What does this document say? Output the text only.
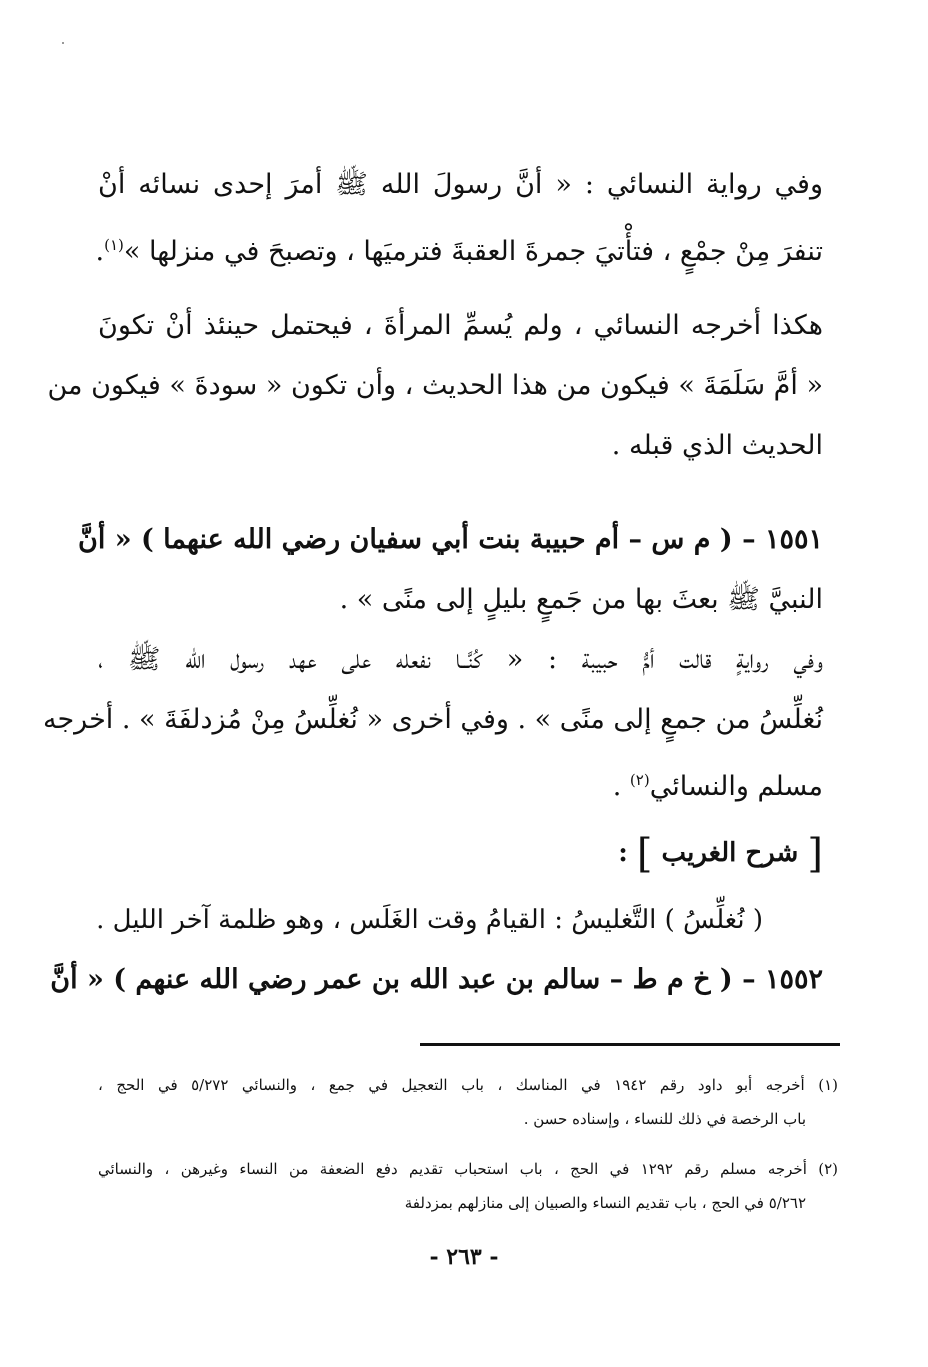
وفي رواية النسائي : « أنَّ رسولَ الله ﷺ أمرَ إحدى نسائه أنْ
تنفرَ مِنْ جمْعٍ ، فتأْتيَ جمرةَ العقبةَ فترميَها ، وتصبحَ في منزلها »$^{(١)}$.
هكذا أخرجه النسائي ، ولم يُسمِّ المرأةَ ، فيحتمل حينئذ أنْ تكونَ
« أمَّ سَلَمَةَ » فيكون من هذا الحديث ، وأن تكون « سودةَ » فيكون من
الحديث الذي قبله .
١٥٥١ – ( م س – أم حبيبة بنت أبي سفيان رضي الله عنهما ) « أنَّ
النبيَّ ﷺ بعثَ بها من جَمعٍ بليلٍ إلى منًى » .
وفي روايةٍ قالت أمُّ حبيبة : « كُنَّــا نفعله على عهد رسول الله ﷺ ،
نُغلِّسُ من جمعٍ إلى منًى » . وفي أخرى « نُغلِّسُ مِنْ مُزدلفَةَ » . أخرجه
مسلم والنسائي$^{(٢)}$ .
[ شرح الغريب ] :
( نُغلِّسُ ) التَّغليسُ : القيامُ وقت الغَلَس ، وهو ظلمة آخر الليل .
١٥٥٢ – ( خ م ط – سالم بن عبد الله بن عمر رضي الله عنهم ) « أنَّ
(١) أخرجه أبو داود رقم ١٩٤٢ في المناسك ، باب التعجيل في جمع ، والنسائي ٥/٢٧٢ في الحج ،
باب الرخصة في ذلك للنساء ، وإسناده حسن .
(٢) أخرجه مسلم رقم ١٢٩٢ في الحج ، باب استحباب تقديم دفع الضعفة من النساء وغيرهن ، والنسائي
٥/٢٦٢ في الحج ، باب تقديم النساء والصبيان إلى منازلهم بمزدلفة
- ٢٦٣ -
